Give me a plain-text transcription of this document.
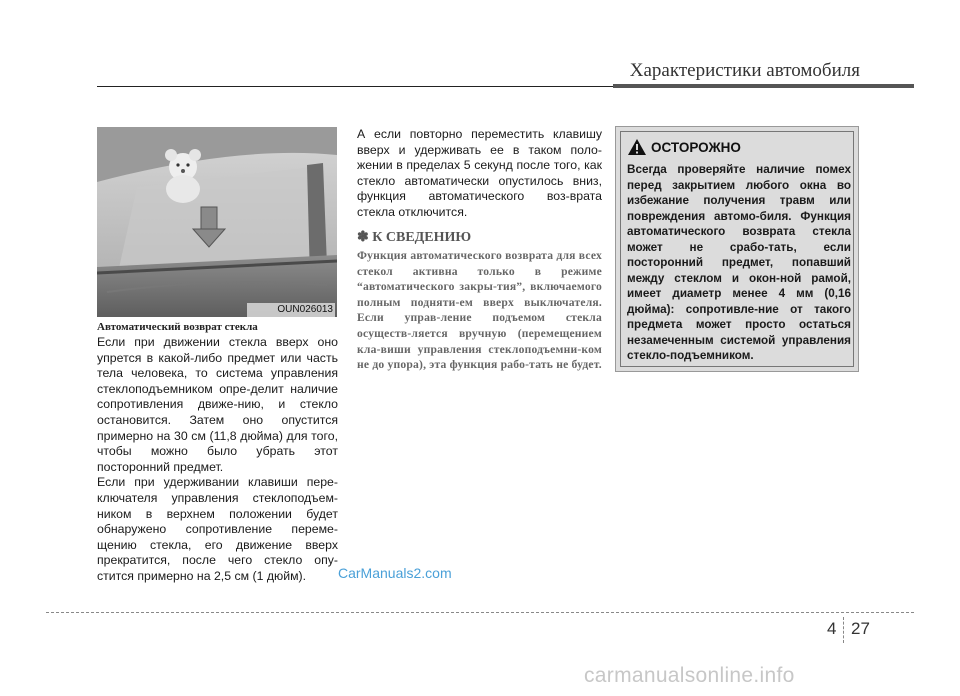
Характеристики автомобиля
OUN026013
Автоматический возврат стекла

Если при движении стекла вверх оно упрется в какой-либо предмет или часть тела человека, то система управления стеклоподъемником опре-делит наличие сопротивления движе-нию, и стекло остановится. Затем оно опустится примерно на 30 см (11,8 дюйма) для того, чтобы можно было убрать этот посторонний предмет.

Если при удерживании клавиши пере-ключателя управления стеклоподъем-ником в верхнем положении будет обнаружено сопротивление переме-щению стекла, его движение вверх прекратится, после чего стекло опу-стится примерно на 2,5 см (1 дюйм).

А если повторно переместить клавишу вверх и удерживать ее в таком поло-жении в пределах 5 секунд после того, как стекло автоматически опустилось вниз, функция автоматического воз-врата стекла отключится.

✽ К СВЕДЕНИЮ
Функция автоматического возврата для всех стекол активна только в режиме “автоматического закры-тия”, включаемого полным подняти-ем вверх выключателя. Если управ-ление подъемом стекла осуществ-ляется вручную (перемещением кла-виши управления стеклоподъемни-ком не до упора), эта функция рабо-тать не будет.
ОСТОРОЖНО
Всегда проверяйте наличие помех перед закрытием любого окна во избежание получения травм или повреждения автомо-биля. Функция автоматического возврата стекла может не срабо-тать, если посторонний предмет, попавший между стеклом и окон-ной рамой, имеет диаметр менее 4 мм (0,16 дюйма): сопротивле-ние от такого предмета может просто остаться незамеченным системой управления стекло-подъемником.
CarManuals2.com
4 27
carmanualsonline.info
